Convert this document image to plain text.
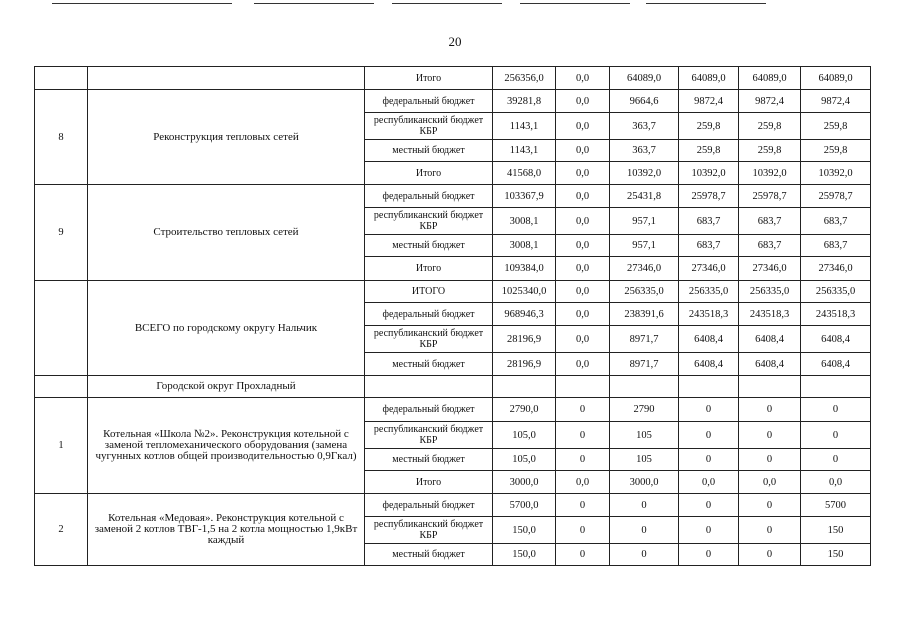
20
		Итого	256356,0	0,0	64089,0	64089,0	64089,0	64089,0
8	Реконструкция тепловых сетей	федеральный бюджет	39281,8	0,0	9664,6	9872,4	9872,4	9872,4
		республиканский бюджет КБР	1143,1	0,0	363,7	259,8	259,8	259,8
		местный бюджет	1143,1	0,0	363,7	259,8	259,8	259,8
		Итого	41568,0	0,0	10392,0	10392,0	10392,0	10392,0
9	Строительство тепловых сетей	федеральный бюджет	103367,9	0,0	25431,8	25978,7	25978,7	25978,7
		республиканский бюджет КБР	3008,1	0,0	957,1	683,7	683,7	683,7
		местный бюджет	3008,1	0,0	957,1	683,7	683,7	683,7
		Итого	109384,0	0,0	27346,0	27346,0	27346,0	27346,0
	ВСЕГО по городскому округу Нальчик	ИТОГО	1025340,0	0,0	256335,0	256335,0	256335,0	256335,0
		федеральный бюджет	968946,3	0,0	238391,6	243518,3	243518,3	243518,3
		республиканский бюджет КБР	28196,9	0,0	8971,7	6408,4	6408,4	6408,4
		местный бюджет	28196,9	0,0	8971,7	6408,4	6408,4	6408,4
	Городской округ Прохладный							
1	Котельная «Школа №2». Реконструкция котельной с заменой тепломеханического оборудования (замена чугунных котлов общей производительностью 0,9Гкал)	федеральный бюджет	2790,0	0	2790	0	0	0
		республиканский бюджет КБР	105,0	0	105	0	0	0
		местный бюджет	105,0	0	105	0	0	0
		Итого	3000,0	0,0	3000,0	0,0	0,0	0,0
2	Котельная «Медовая». Реконструкция котельной с заменой 2 котлов ТВГ-1,5 на 2 котла мощностью 1,9кВт каждый	федеральный бюджет	5700,0	0	0	0	0	5700
		республиканский бюджет КБР	150,0	0	0	0	0	150
		местный бюджет	150,0	0	0	0	0	150
